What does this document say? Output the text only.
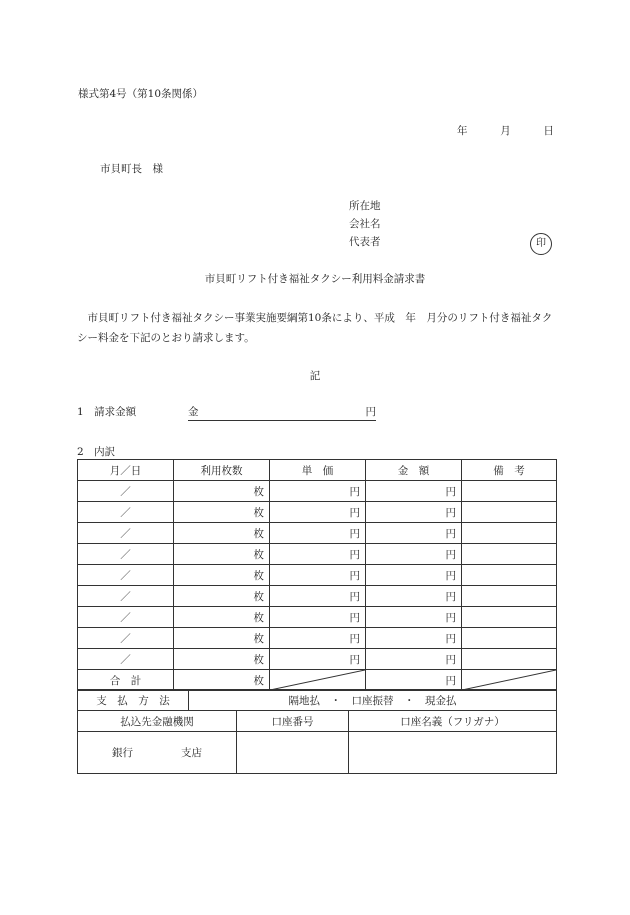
様式第4号（第10条関係）
年	月	日
市貝町長　様
所在地
会社名
代表者	印
市貝町リフト付き福祉タクシー利用料金請求書
市貝町リフト付き福祉タクシー事業実施要綱第10条により、平成　年　月分のリフト付き福祉タクシー料金を下記のとおり請求します。
記
1　請求金額	金	円
2　内訳
月／日	利用枚数	単　価	金　額	備　考
／	枚	円	円	
／	枚	円	円	
／	枚	円	円	
／	枚	円	円	
／	枚	円	円	
／	枚	円	円	
／	枚	円	円	
／	枚	円	円	
／	枚	円	円	
合　計	枚		円	
支　払　方　法	隔地払　・　口座振替　・　現金払
払込先金融機関	口座番号	口座名義（フリガナ）
銀行 支店		
